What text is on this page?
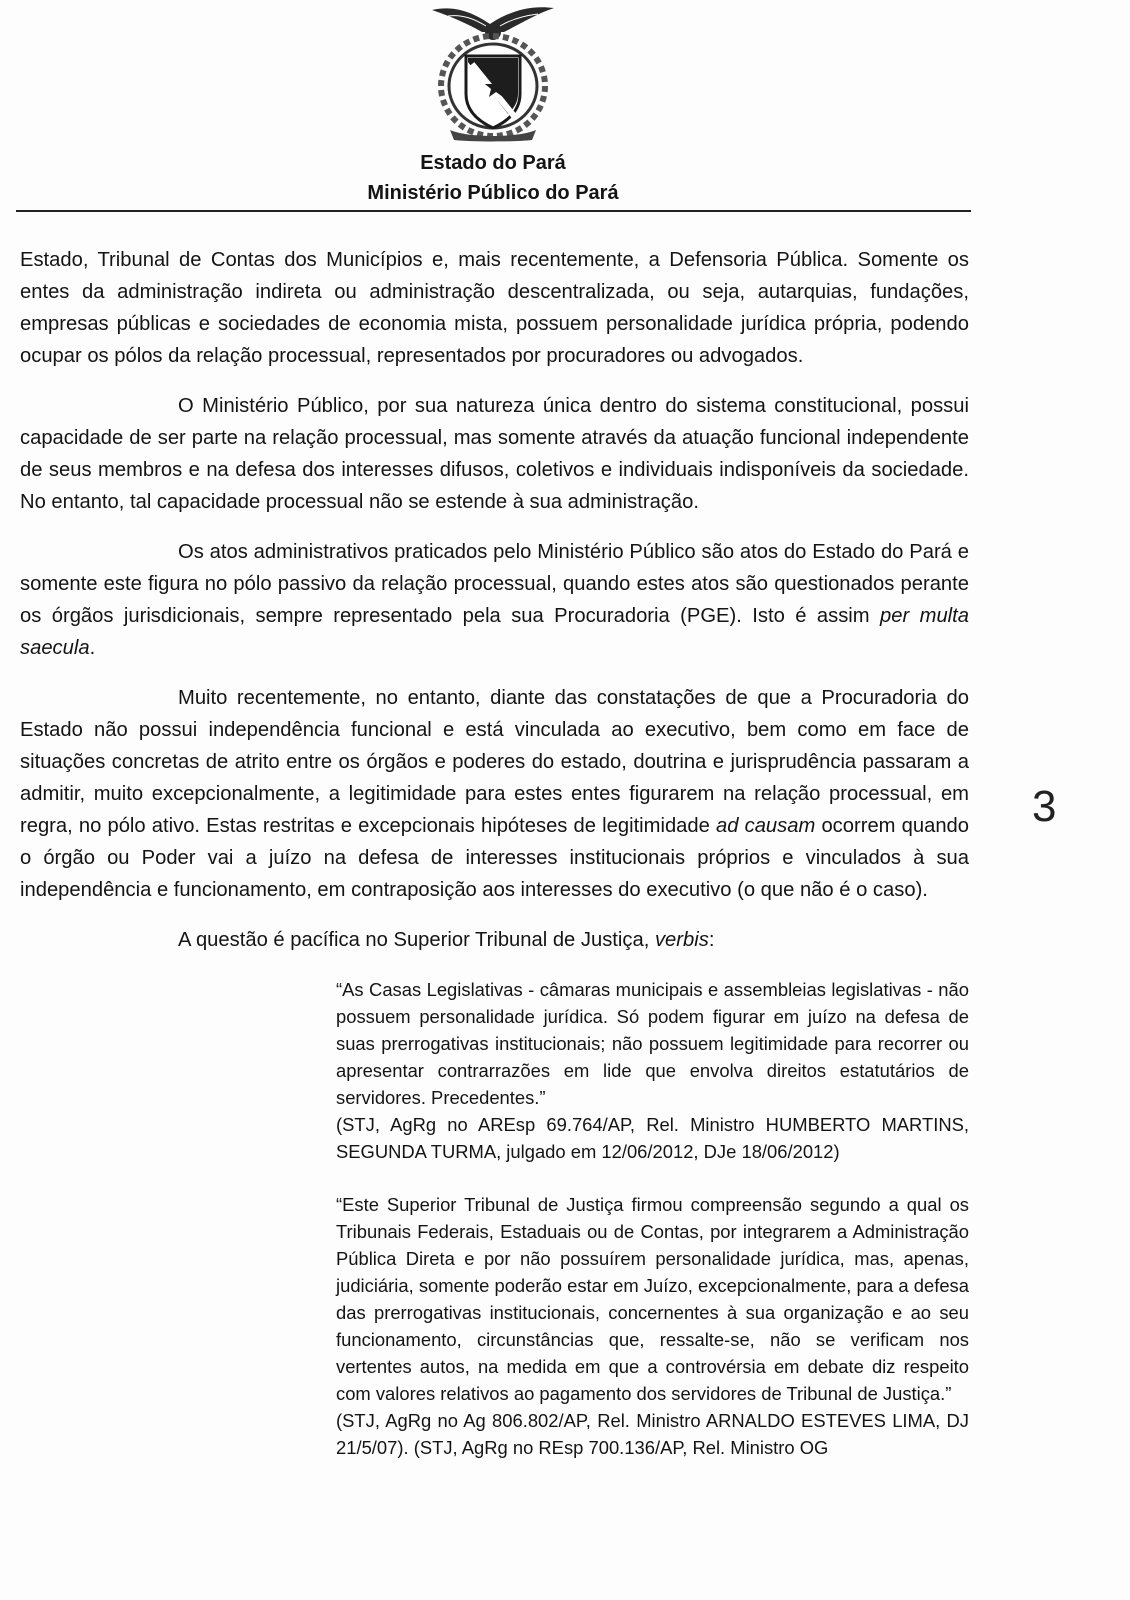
Estado do Pará
Ministério Público do Pará

Estado, Tribunal de Contas dos Municípios e, mais recentemente, a Defensoria Pública. Somente os entes da administração indireta ou administração descentralizada, ou seja, autarquias, fundações, empresas públicas e sociedades de economia mista, possuem personalidade jurídica própria, podendo ocupar os pólos da relação processual, representados por procuradores ou advogados.

O Ministério Público, por sua natureza única dentro do sistema constitucional, possui capacidade de ser parte na relação processual, mas somente através da atuação funcional independente de seus membros e na defesa dos interesses difusos, coletivos e individuais indisponíveis da sociedade. No entanto, tal capacidade processual não se estende à sua administração.

Os atos administrativos praticados pelo Ministério Público são atos do Estado do Pará e somente este figura no pólo passivo da relação processual, quando estes atos são questionados perante os órgãos jurisdicionais, sempre representado pela sua Procuradoria (PGE). Isto é assim per multa saecula.

Muito recentemente, no entanto, diante das constatações de que a Procuradoria do Estado não possui independência funcional e está vinculada ao executivo, bem como em face de situações concretas de atrito entre os órgãos e poderes do estado, doutrina e jurisprudência passaram a admitir, muito excepcionalmente, a legitimidade para estes entes figurarem na relação processual, em regra, no pólo ativo. Estas restritas e excepcionais hipóteses de legitimidade ad causam ocorrem quando o órgão ou Poder vai a juízo na defesa de interesses institucionais próprios e vinculados à sua independência e funcionamento, em contraposição aos interesses do executivo (o que não é o caso).

A questão é pacífica no Superior Tribunal de Justiça, verbis:

“As Casas Legislativas - câmaras municipais e assembleias legislativas - não possuem personalidade jurídica. Só podem figurar em juízo na defesa de suas prerrogativas institucionais; não possuem legitimidade para recorrer ou apresentar contrarrazões em lide que envolva direitos estatutários de servidores. Precedentes.”

(STJ, AgRg no AREsp 69.764/AP, Rel. Ministro HUMBERTO MARTINS, SEGUNDA TURMA, julgado em 12/06/2012, DJe 18/06/2012)

“Este Superior Tribunal de Justiça firmou compreensão segundo a qual os Tribunais Federais, Estaduais ou de Contas, por integrarem a Administração Pública Direta e por não possuírem personalidade jurídica, mas, apenas, judiciária, somente poderão estar em Juízo, excepcionalmente, para a defesa das prerrogativas institucionais, concernentes à sua organização e ao seu funcionamento, circunstâncias que, ressalte-se, não se verificam nos vertentes autos, na medida em que a controvérsia em debate diz respeito com valores relativos ao pagamento dos servidores de Tribunal de Justiça.”

(STJ, AgRg no Ag 806.802/AP, Rel. Ministro ARNALDO ESTEVES LIMA, DJ 21/5/07). (STJ, AgRg no REsp 700.136/AP, Rel. Ministro OG

3
